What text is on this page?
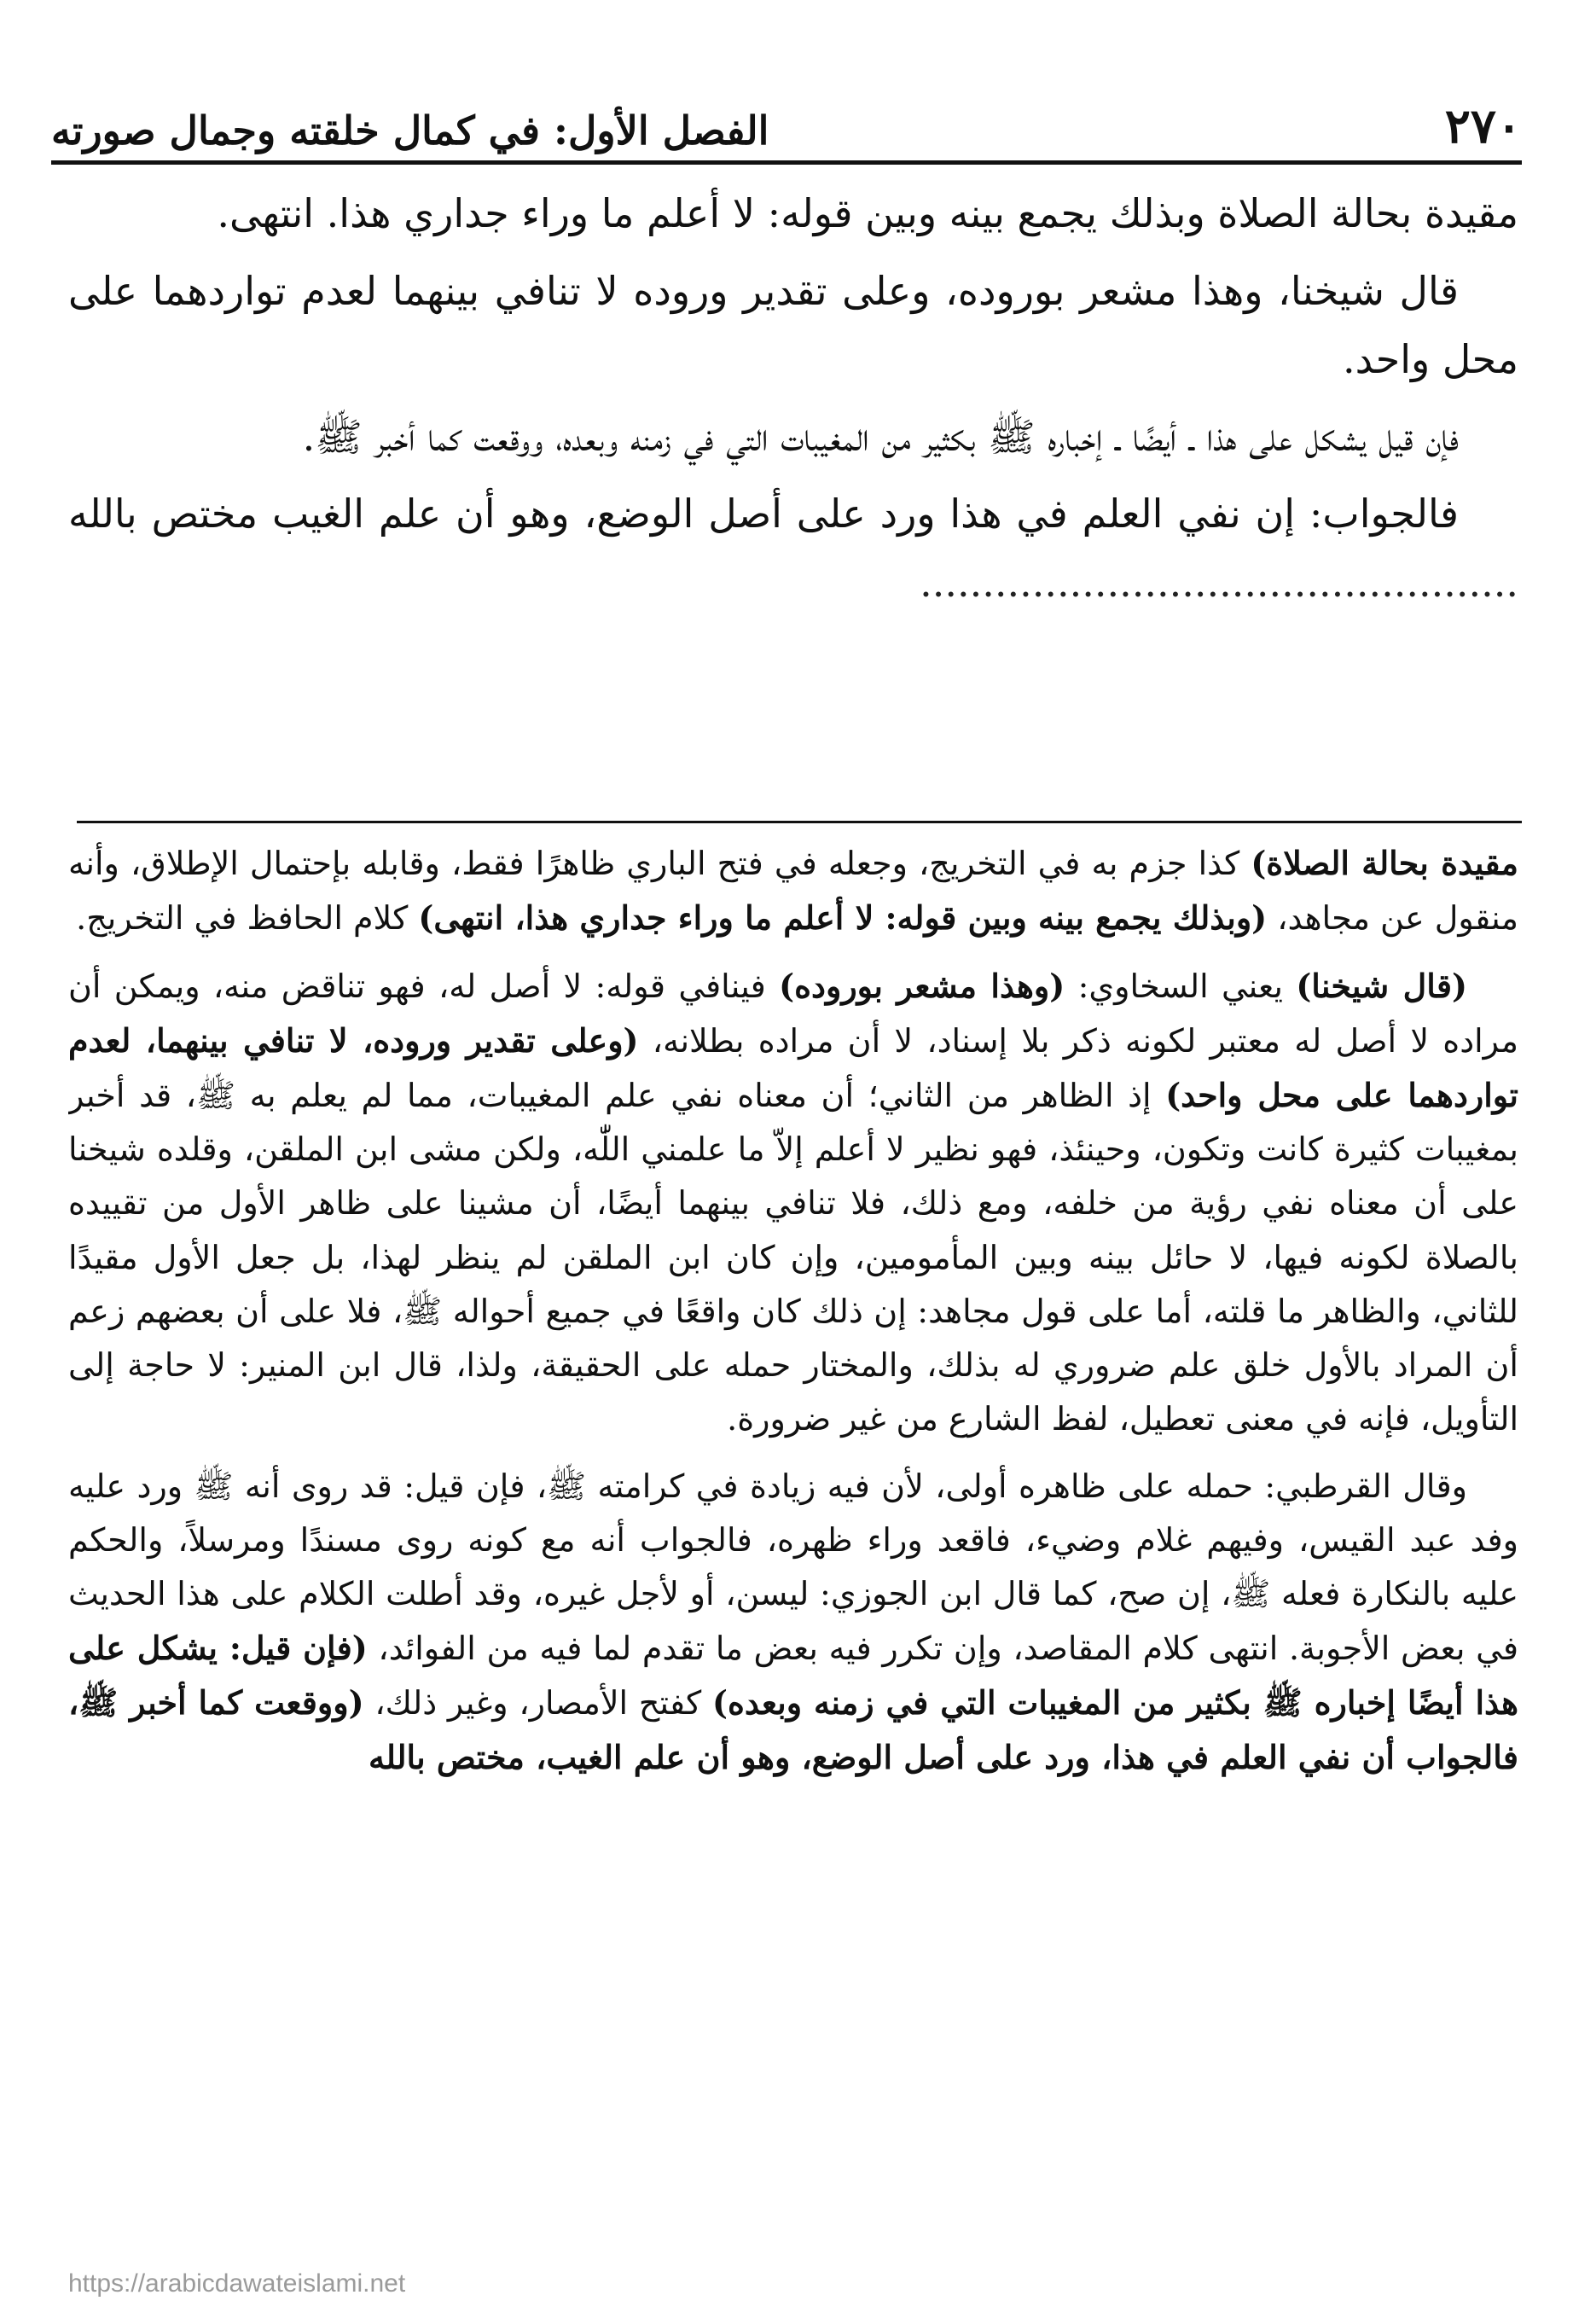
٢٧٠
الفصل الأول: في كمال خلقته وجمال صورته

مقيدة بحالة الصلاة وبذلك يجمع بينه وبين قوله: لا أعلم ما وراء جداري هذا. انتهى.

قال شيخنا، وهذا مشعر بوروده، وعلى تقدير وروده لا تنافي بينهما لعدم تواردهما على محل واحد.

فإن قيل يشكل على هذا ـ أيضًا ـ إخباره ﷺ بكثير من المغيبات التي في زمنه وبعده، ووقعت كما أخبر ﷺ.

فالجواب: إن نفي العلم في هذا ورد على أصل الوضع، وهو أن علم الغيب مختص بالله ................................................

مقيدة بحالة الصلاة) كذا جزم به في التخريج، وجعله في فتح الباري ظاهرًا فقط، وقابله بإحتمال الإطلاق، وأنه منقول عن مجاهد، (وبذلك يجمع بينه وبين قوله: لا أعلم ما وراء جداري هذا، انتهى) كلام الحافظ في التخريج.

(قال شيخنا) يعني السخاوي: (وهذا مشعر بوروده) فينافي قوله: لا أصل له، فهو تناقض منه، ويمكن أن مراده لا أصل له معتبر لكونه ذكر بلا إسناد، لا أن مراده بطلانه، (وعلى تقدير وروده، لا تنافي بينهما، لعدم تواردهما على محل واحد) إذ الظاهر من الثاني؛ أن معناه نفي علم المغيبات، مما لم يعلم به ﷺ، قد أخبر بمغيبات كثيرة كانت وتكون، وحينئذ، فهو نظير لا أعلم إلاّ ما علمني اللّٰه، ولكن مشى ابن الملقن، وقلده شيخنا على أن معناه نفي رؤية من خلفه، ومع ذلك، فلا تنافي بينهما أيضًا، أن مشينا على ظاهر الأول من تقييده بالصلاة لكونه فيها، لا حائل بينه وبين المأمومين، وإن كان ابن الملقن لم ينظر لهذا، بل جعل الأول مقيدًا للثاني، والظاهر ما قلته، أما على قول مجاهد: إن ذلك كان واقعًا في جميع أحواله ﷺ، فلا على أن بعضهم زعم أن المراد بالأول خلق علم ضروري له بذلك، والمختار حمله على الحقيقة، ولذا، قال ابن المنير: لا حاجة إلى التأويل، فإنه في معنى تعطيل، لفظ الشارع من غير ضرورة.

وقال القرطبي: حمله على ظاهره أولى، لأن فيه زيادة في كرامته ﷺ، فإن قيل: قد روى أنه ﷺ ورد عليه وفد عبد القيس، وفيهم غلام وضيء، فاقعد وراء ظهره، فالجواب أنه مع كونه روى مسندًا ومرسلاً، والحكم عليه بالنكارة فعله ﷺ، إن صح، كما قال ابن الجوزي: ليسن، أو لأجل غيره، وقد أطلت الكلام على هذا الحديث في بعض الأجوبة. انتهى كلام المقاصد، وإن تكرر فيه بعض ما تقدم لما فيه من الفوائد، (فإن قيل: يشكل على هذا أيضًا إخباره ﷺ بكثير من المغيبات التي في زمنه وبعده) كفتح الأمصار، وغير ذلك، (ووقعت كما أخبر ﷺ، فالجواب أن نفي العلم في هذا، ورد على أصل الوضع، وهو أن علم الغيب، مختص بالله

https://arabicdawateislami.net
